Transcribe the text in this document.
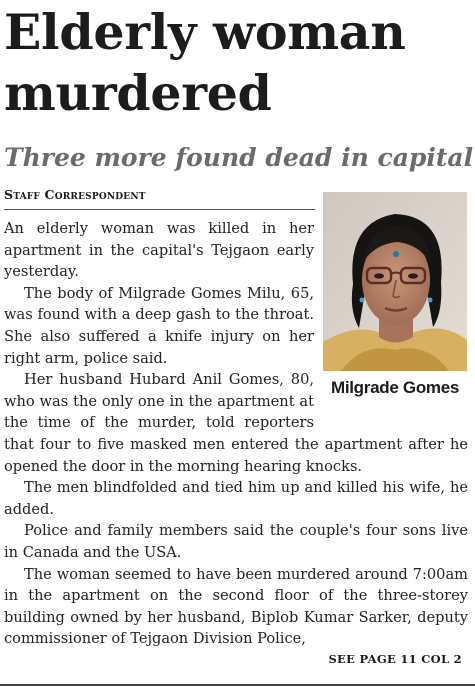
Elderly woman murdered
Three more found dead in capital
Staff Correspondent
Milgrade Gomes

An elderly woman was killed in her apartment in the capital's Tejgaon early yesterday.

The body of Milgrade Gomes Milu, 65, was found with a deep gash to the throat. She also suffered a knife injury on her right arm, police said.

Her husband Hubard Anil Gomes, 80, who was the only one in the apartment at the time of the murder, told reporters that four to five masked men entered the apartment after he opened the door in the morning hearing knocks.

The men blindfolded and tied him up and killed his wife, he added.

Police and family members said the couple's four sons live in Canada and the USA.

The woman seemed to have been murdered around 7:00am in the apartment on the second floor of the three-storey building owned by her husband, Biplob Kumar Sarker, deputy commissioner of Tejgaon Division Police,

SEE PAGE 11 COL 2
